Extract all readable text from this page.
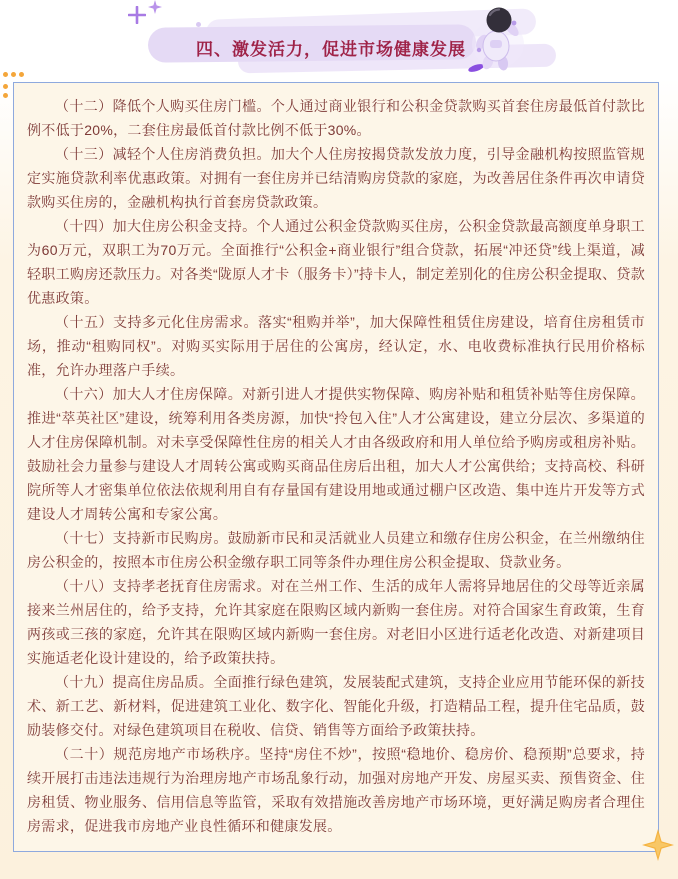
四、激发活力，促进市场健康发展

（十二）降低个人购买住房门槛。个人通过商业银行和公积金贷款购买首套住房最低首付款比例不低于20%，二套住房最低首付款比例不低于30%。

（十三）减轻个人住房消费负担。加大个人住房按揭贷款发放力度，引导金融机构按照监管规定实施贷款利率优惠政策。对拥有一套住房并已结清购房贷款的家庭，为改善居住条件再次申请贷款购买住房的，金融机构执行首套房贷款政策。

（十四）加大住房公积金支持。个人通过公积金贷款购买住房，公积金贷款最高额度单身职工为60万元，双职工为70万元。全面推行“公积金+商业银行”组合贷款，拓展“冲还贷”线上渠道，减轻职工购房还款压力。对各类“陇原人才卡（服务卡）”持卡人，制定差别化的住房公积金提取、贷款优惠政策。

（十五）支持多元化住房需求。落实“租购并举”，加大保障性租赁住房建设，培育住房租赁市场，推动“租购同权”。对购买实际用于居住的公寓房，经认定，水、电收费标准执行民用价格标准，允许办理落户手续。

（十六）加大人才住房保障。对新引进人才提供实物保障、购房补贴和租赁补贴等住房保障。推进“萃英社区”建设，统筹利用各类房源，加快“拎包入住”人才公寓建设，建立分层次、多渠道的人才住房保障机制。对未享受保障性住房的相关人才由各级政府和用人单位给予购房或租房补贴。鼓励社会力量参与建设人才周转公寓或购买商品住房后出租，加大人才公寓供给；支持高校、科研院所等人才密集单位依法依规利用自有存量国有建设用地或通过棚户区改造、集中连片开发等方式建设人才周转公寓和专家公寓。

（十七）支持新市民购房。鼓励新市民和灵活就业人员建立和缴存住房公积金，在兰州缴纳住房公积金的，按照本市住房公积金缴存职工同等条件办理住房公积金提取、贷款业务。

（十八）支持孝老抚育住房需求。对在兰州工作、生活的成年人需将异地居住的父母等近亲属接来兰州居住的，给予支持，允许其家庭在限购区域内新购一套住房。对符合国家生育政策，生育两孩或三孩的家庭，允许其在限购区域内新购一套住房。对老旧小区进行适老化改造、对新建项目实施适老化设计建设的，给予政策扶持。

（十九）提高住房品质。全面推行绿色建筑，发展装配式建筑，支持企业应用节能环保的新技术、新工艺、新材料，促进建筑工业化、数字化、智能化升级，打造精品工程，提升住宅品质，鼓励装修交付。对绿色建筑项目在税收、信贷、销售等方面给予政策扶持。

（二十）规范房地产市场秩序。坚持“房住不炒”，按照“稳地价、稳房价、稳预期”总要求，持续开展打击违法违规行为治理房地产市场乱象行动，加强对房地产开发、房屋买卖、预售资金、住房租赁、物业服务、信用信息等监管，采取有效措施改善房地产市场环境，更好满足购房者合理住房需求，促进我市房地产业良性循环和健康发展。
